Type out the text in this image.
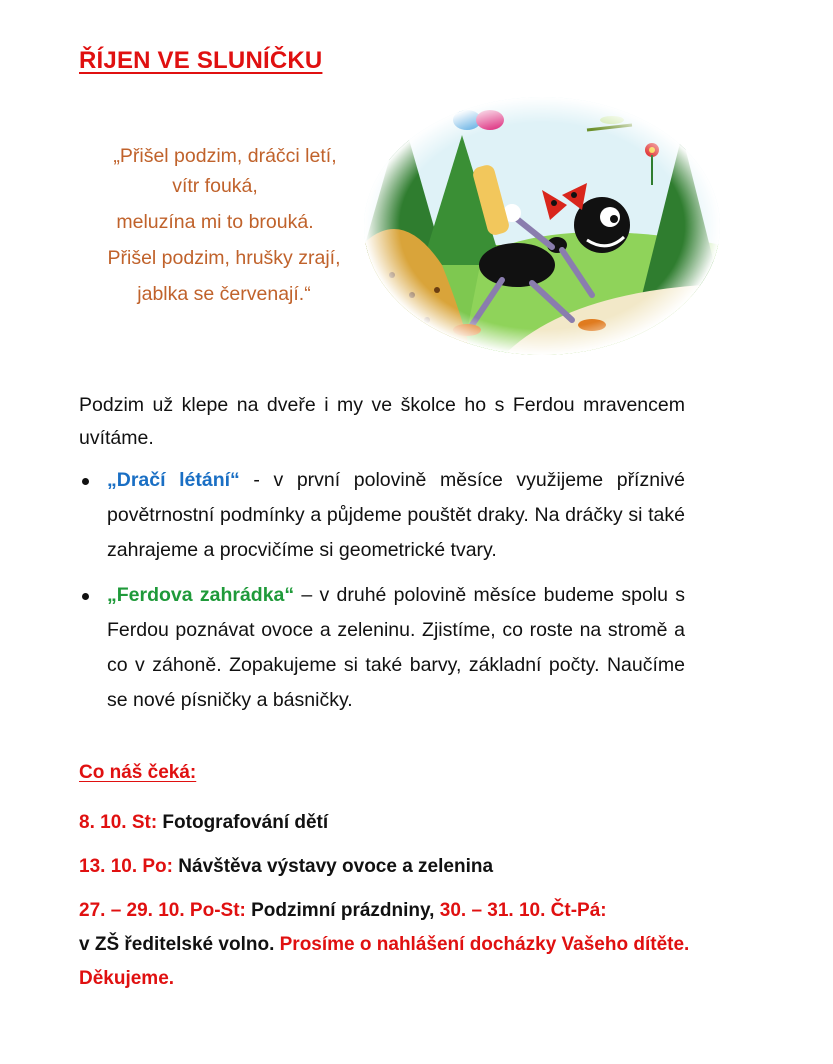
ŘÍJEN VE SLUNÍČKU
„Přišel podzim, dráčci letí,
vítr fouká,
meluzína mi to brouká.
Přišel podzim, hrušky zrají,
jablka se červenají.“
Podzim už klepe na dveře i my ve školce ho s Ferdou mravencem uvítáme.
„Dračí létání“ - v první polovině měsíce využijeme příznivé povětrnostní podmínky a půjdeme pouštět draky. Na dráčky si také zahrajeme a procvičíme si geometrické tvary.
„Ferdova zahrádka“ – v druhé polovině měsíce budeme spolu s Ferdou poznávat ovoce a zeleninu. Zjistíme, co roste na stromě a co v záhoně. Zopakujeme si také barvy, základní počty. Naučíme se nové písničky a básničky.
Co náš čeká:
8. 10. St: Fotografování dětí
13. 10. Po: Návštěva výstavy ovoce a zelenina
27. – 29. 10. Po-St: Podzimní prázdniny, 30. – 31. 10. Čt-Pá:
v ZŠ ředitelské volno. Prosíme o nahlášení docházky Vašeho dítěte. Děkujeme.
